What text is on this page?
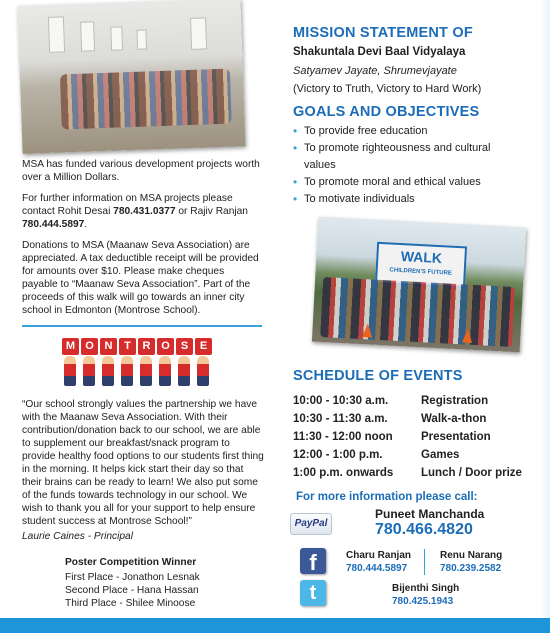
MSA has funded various development projects worth over a Million Dollars.
For further information on MSA projects please contact Rohit Desai 780.431.0377 or Rajiv Ranjan 780.444.5897.
Donations to MSA (Maanaw Seva Association) are appreciated. A tax deductible receipt will be provided for amounts over $10. Please make cheques payable to “Maanaw Seva Association”. Part of the proceeds of this walk will go towards an inner city school in Edmonton (Montrose School).
M O N	T	R O	S	E
“Our school strongly values the partnership we have with the Maanaw Seva Association. With their contribution/donation back to our school, we are able to supplement our breakfast/snack program to provide healthy food options to our students first thing in the morning. It helps kick start their day so that their brains can be ready to learn! We also put some of the funds towards technology in our school. We wish to thank you all for your support to help ensure student success at Montrose School!”
Laurie Caines - Principal
Poster Competition Winner
First Place - Jonathon Lesnak
Second Place - Hana Hassan
Third Place - Shilee Minoose
MISSION STATEMENT OF
Shakuntala Devi Baal Vidyalaya
Satyamev Jayate, Shrumevjayate
(Victory to Truth, Victory to Hard Work)
GOALS AND OBJECTIVES
• To provide free education
• To promote righteousness and cultural values
• To promote moral and ethical values
• To motivate individuals
WALK
CHILDREN'S FUTURE
SCHEDULE OF EVENTS
10:00 - 10:30 a.m.	Registration
10:30 - 11:30 a.m.	Walk-a-thon
11:30 - 12:00 noon Presentation
12:00 - 1:00 p.m.	Games
1:00 p.m. onwards Lunch / Door prize
For more information please call:
PayPal
Puneet Manchanda
780.466.4820
f
t
Charu Ranjan
780.444.5897
Renu Narang
780.239.2582
Bijenthi Singh
780.425.1943
